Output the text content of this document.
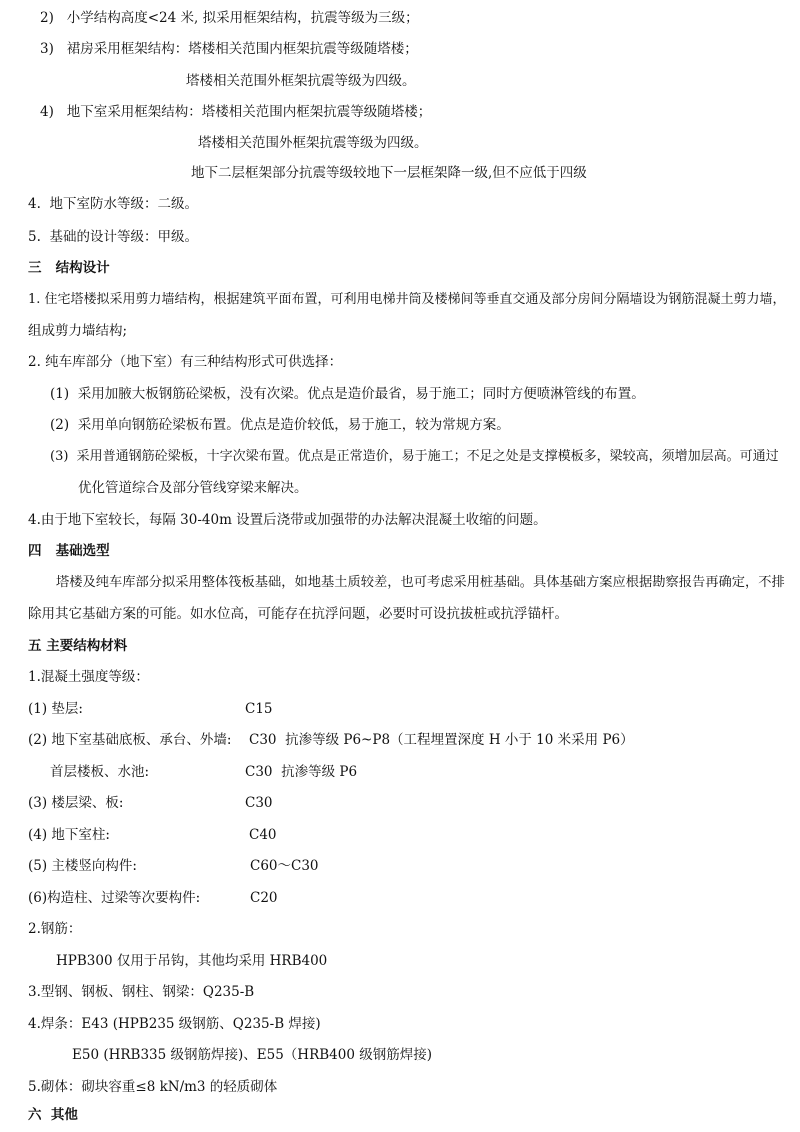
2)   小学结构高度<24 米, 拟采用框架结构，抗震等级为三级；
3)   裙房采用框架结构：塔楼相关范围内框架抗震等级随塔楼；
塔楼相关范围外框架抗震等级为四级。
4)   地下室采用框架结构：塔楼相关范围内框架抗震等级随塔楼；
塔楼相关范围外框架抗震等级为四级。
地下二层框架部分抗震等级较地下一层框架降一级,但不应低于四级
4.  地下室防水等级：二级。
5.  基础的设计等级：甲级。
三   结构设计
1. 住宅塔楼拟采用剪力墙结构，根据建筑平面布置，可利用电梯井筒及楼梯间等垂直交通及部分房间分隔墙设为钢筋混凝土剪力墙，
组成剪力墙结构;
2. 纯车库部分（地下室）有三种结构形式可供选择：
(1)  采用加腋大板钢筋砼梁板，没有次梁。优点是造价最省，易于施工；同时方便喷淋管线的布置。
(2)  采用单向钢筋砼梁板布置。优点是造价较低，易于施工，较为常规方案。
(3)  采用普通钢筋砼梁板，十字次梁布置。优点是正常造价，易于施工；不足之处是支撑模板多，梁较高，须增加层高。可通过
优化管道综合及部分管线穿梁来解决。
4.由于地下室较长，每隔 30-40m 设置后浇带或加强带的办法解决混凝土收缩的问题。
四   基础选型
塔楼及纯车库部分拟采用整体筏板基础，如地基土质较差，也可考虑采用桩基础。具体基础方案应根据勘察报告再确定，不排
除用其它基础方案的可能。如水位高，可能存在抗浮问题，必要时可设抗拔桩或抗浮锚杆。
五 主要结构材料
1.混凝土强度等级：
(1) 垫层:	C15
(2) 地下室基础底板、承台、外墙: C30  抗渗等级 P6~P8（工程埋置深度 H 小于 10 米采用 P6）
首层楼板、水池:	C30  抗渗等级 P6
(3) 楼层梁、板:	C30
(4) 地下室柱:	C40
(5) 主楼竖向构件:	C60～C30
(6)构造柱、过梁等次要构件:	C20
2.钢筋：
HPB300 仅用于吊钩，其他均采用 HRB400
3.型钢、钢板、钢柱、钢梁：Q235-B
4.焊条：E43 (HPB235 级钢筋、Q235-B 焊接)
E50 (HRB335 级钢筋焊接)、E55（HRB400 级钢筋焊接)
5.砌体：砌块容重≤8 kN/m3 的轻质砌体
六  其他
